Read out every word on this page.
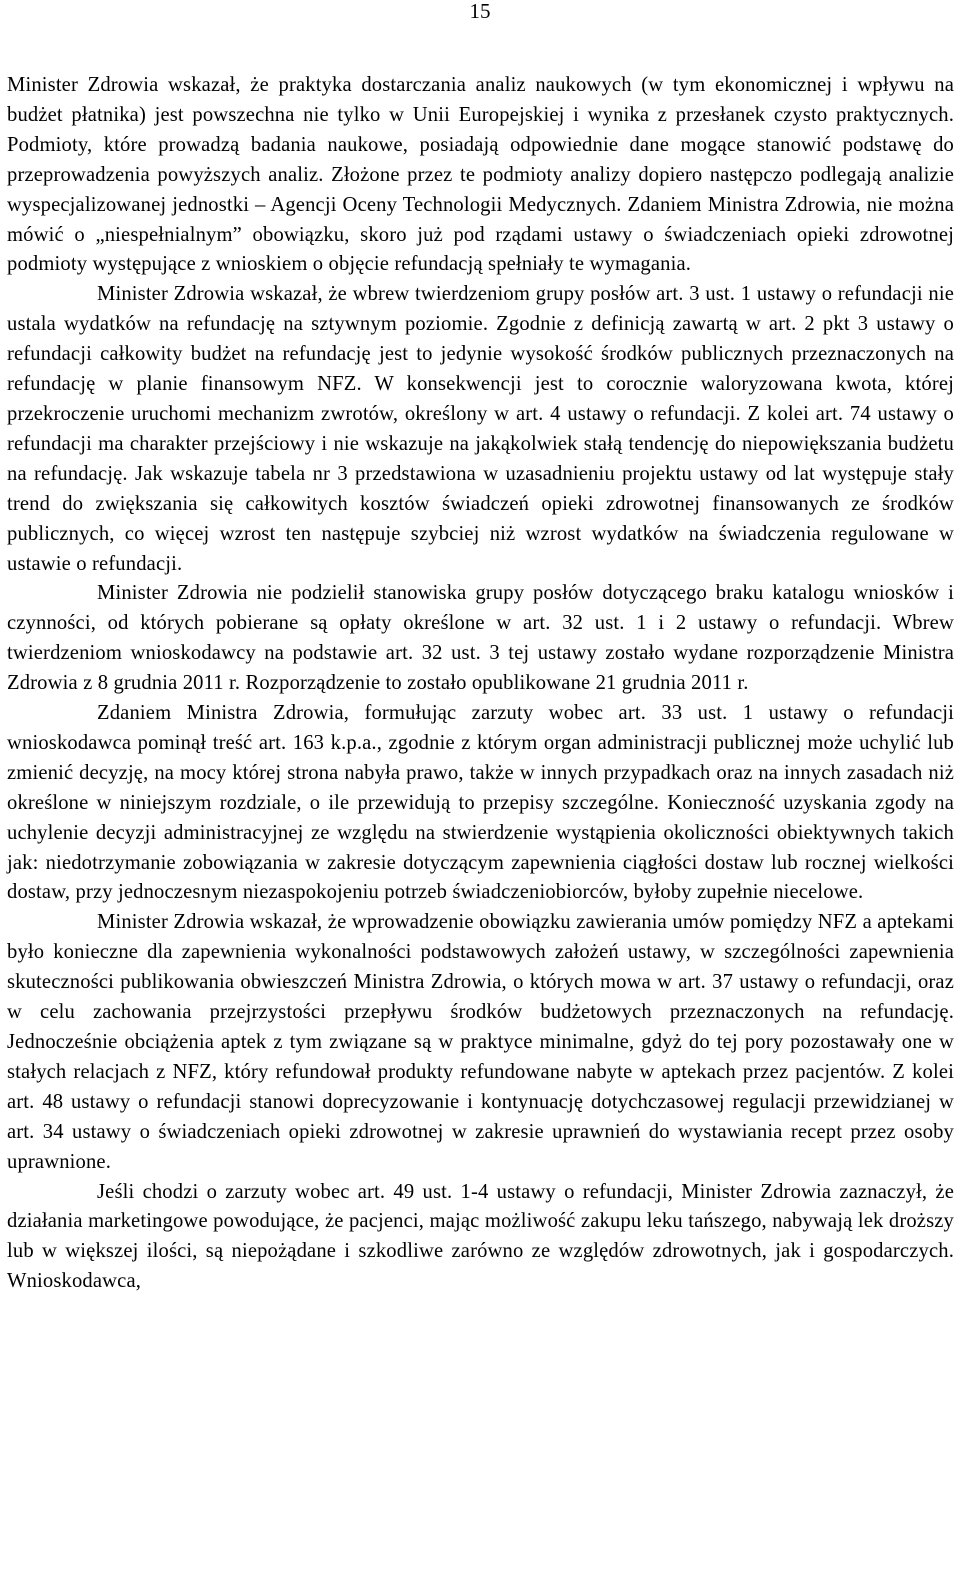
15

Minister Zdrowia wskazał, że praktyka dostarczania analiz naukowych (w tym ekonomicznej i wpływu na budżet płatnika) jest powszechna nie tylko w Unii Europejskiej i wynika z przesłanek czysto praktycznych. Podmioty, które prowadzą badania naukowe, posiadają odpowiednie dane mogące stanowić podstawę do przeprowadzenia powyższych analiz. Złożone przez te podmioty analizy dopiero następczo podlegają analizie wyspecjalizowanej jednostki – Agencji Oceny Technologii Medycznych. Zdaniem Ministra Zdrowia, nie można mówić o „niespełnialnym” obowiązku, skoro już pod rządami ustawy o świadczeniach opieki zdrowotnej podmioty występujące z wnioskiem o objęcie refundacją spełniały te wymagania.

Minister Zdrowia wskazał, że wbrew twierdzeniom grupy posłów art. 3 ust. 1 ustawy o refundacji nie ustala wydatków na refundację na sztywnym poziomie. Zgodnie z definicją zawartą w art. 2 pkt 3 ustawy o refundacji całkowity budżet na refundację jest to jedynie wysokość środków publicznych przeznaczonych na refundację w planie finansowym NFZ. W konsekwencji jest to corocznie waloryzowana kwota, której przekroczenie uruchomi mechanizm zwrotów, określony w art. 4 ustawy o refundacji. Z kolei art. 74 ustawy o refundacji ma charakter przejściowy i nie wskazuje na jakąkolwiek stałą tendencję do niepowiększania budżetu na refundację. Jak wskazuje tabela nr 3 przedstawiona w uzasadnieniu projektu ustawy od lat występuje stały trend do zwiększania się całkowitych kosztów świadczeń opieki zdrowotnej finansowanych ze środków publicznych, co więcej wzrost ten następuje szybciej niż wzrost wydatków na świadczenia regulowane w ustawie o refundacji.

Minister Zdrowia nie podzielił stanowiska grupy posłów dotyczącego braku katalogu wniosków i czynności, od których pobierane są opłaty określone w art. 32 ust. 1 i 2 ustawy o refundacji. Wbrew twierdzeniom wnioskodawcy na podstawie art. 32 ust. 3 tej ustawy zostało wydane rozporządzenie Ministra Zdrowia z 8 grudnia 2011 r. Rozporządzenie to zostało opublikowane 21 grudnia 2011 r.

Zdaniem Ministra Zdrowia, formułując zarzuty wobec art. 33 ust. 1 ustawy o refundacji wnioskodawca pominął treść art. 163 k.p.a., zgodnie z którym organ administracji publicznej może uchylić lub zmienić decyzję, na mocy której strona nabyła prawo, także w innych przypadkach oraz na innych zasadach niż określone w niniejszym rozdziale, o ile przewidują to przepisy szczególne. Konieczność uzyskania zgody na uchylenie decyzji administracyjnej ze względu na stwierdzenie wystąpienia okoliczności obiektywnych takich jak: niedotrzymanie zobowiązania w zakresie dotyczącym zapewnienia ciągłości dostaw lub rocznej wielkości dostaw, przy jednoczesnym niezaspokojeniu potrzeb świadczeniobiorców, byłoby zupełnie niecelowe.

Minister Zdrowia wskazał, że wprowadzenie obowiązku zawierania umów pomiędzy NFZ a aptekami było konieczne dla zapewnienia wykonalności podstawowych założeń ustawy, w szczególności zapewnienia skuteczności publikowania obwieszczeń Ministra Zdrowia, o których mowa w art. 37 ustawy o refundacji, oraz w celu zachowania przejrzystości przepływu środków budżetowych przeznaczonych na refundację. Jednocześnie obciążenia aptek z tym związane są w praktyce minimalne, gdyż do tej pory pozostawały one w stałych relacjach z NFZ, który refundował produkty refundowane nabyte w aptekach przez pacjentów. Z kolei art. 48 ustawy o refundacji stanowi doprecyzowanie i kontynuację dotychczasowej regulacji przewidzianej w art. 34 ustawy o świadczeniach opieki zdrowotnej w zakresie uprawnień do wystawiania recept przez osoby uprawnione.

Jeśli chodzi o zarzuty wobec art. 49 ust. 1-4 ustawy o refundacji, Minister Zdrowia zaznaczył, że działania marketingowe powodujące, że pacjenci, mając możliwość zakupu leku tańszego, nabywają lek droższy lub w większej ilości, są niepożądane i szkodliwe zarówno ze względów zdrowotnych, jak i gospodarczych. Wnioskodawca,
